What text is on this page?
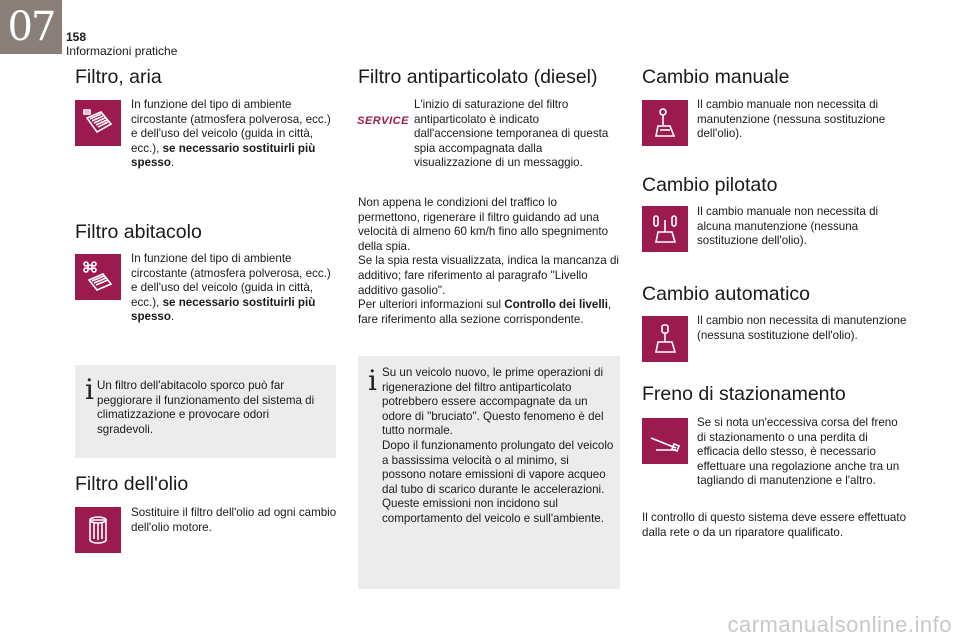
07 158
Informazioni pratiche
Filtro, aria
In funzione del tipo di ambiente circostante (atmosfera polverosa, ecc.) e dell'uso del veicolo (guida in città, ecc.), se necessario sostituirli più spesso.
Filtro abitacolo
In funzione del tipo di ambiente circostante (atmosfera polverosa, ecc.) e dell'uso del veicolo (guida in città, ecc.), se necessario sostituirli più spesso.
i Un filtro dell'abitacolo sporco può far peggiorare il funzionamento del sistema di climatizzazione e provocare odori sgradevoli.
Filtro dell'olio
Sostituire il filtro dell'olio ad ogni cambio dell'olio motore.
Filtro antiparticolato (diesel)
SERVICE
L'inizio di saturazione del filtro antiparticolato è indicato dall'accensione temporanea di questa spia accompagnata dalla visualizzazione di un messaggio.
Non appena le condizioni del traffico lo permettono, rigenerare il filtro guidando ad una velocità di almeno 60 km/h fino allo spegnimento della spia.
Se la spia resta visualizzata, indica la mancanza di additivo; fare riferimento al paragrafo "Livello additivo gasolio".
Per ulteriori informazioni sul Controllo dei livelli, fare riferimento alla sezione corrispondente.
i Su un veicolo nuovo, le prime operazioni di rigenerazione del filtro antiparticolato potrebbero essere accompagnate da un odore di "bruciato". Questo fenomeno è del tutto normale.
Dopo il funzionamento prolungato del veicolo a bassissima velocità o al minimo, si possono notare emissioni di vapore acqueo dal tubo di scarico durante le accelerazioni. Queste emissioni non incidono sul comportamento del veicolo e sull'ambiente.
Cambio manuale
Il cambio manuale non necessita di manutenzione (nessuna sostituzione dell'olio).
Cambio pilotato
Il cambio manuale non necessita di alcuna manutenzione (nessuna sostituzione dell'olio).
Cambio automatico
Il cambio non necessita di manutenzione (nessuna sostituzione dell'olio).
Freno di stazionamento
Se si nota un'eccessiva corsa del freno di stazionamento o una perdita di efficacia dello stesso, è necessario effettuare una regolazione anche tra un tagliando di manutenzione e l'altro.
Il controllo di questo sistema deve essere effettuato dalla rete o da un riparatore qualificato.
carmanualsonline.info
